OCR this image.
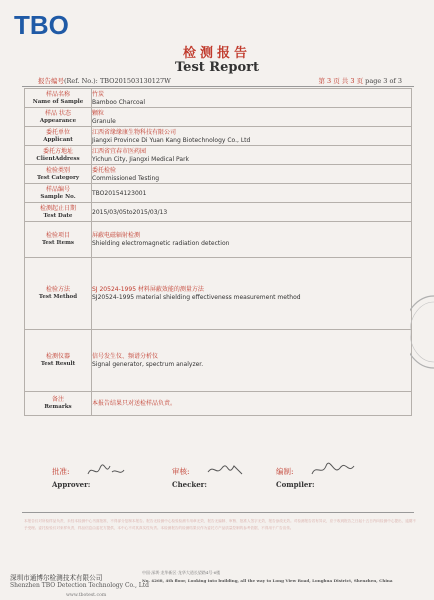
TBO
检测报告
Test Report
报告编号(Ref. No.): TBO201503130127W	第 3 页 共 3 页 page 3 of 3
样品名称
Name of Sample	竹炭
Bamboo Charcoal

样品 状态
Appearance	颗粒
Granule

委托单位
Applicant	江西省缘缘康生物科技有限公司
Jiangxi Province Di Yuan Kang Biotechnology Co., Ltd

委托方地址
ClientAddress	江西省宜春市医药园
Yichun City, Jiangxi Medical Park

检验类别
Test Category	委托检验
Commissioned Testing

样品编号
Sample No.	TBO20154123001

检测起止日期
Test Date	2015/03/05to2015/03/13

检验项目
Test Items	屏蔽电磁辐射检测
Shielding electromagnetic radiation detection

检验方法
Test Method	SJ 20524-1995 材料屏蔽效能的测量方法
SJ20524-1995 material shielding effectiveness measurement method

检测仪器
Test Result	信号发生仪、频谱分析仪
Signal generator, spectrum analyzer.

备注
Remarks	本报告结果只对送检样品负责。
批准:
Approver:
审核:
Checker:
编制:
Compiler:
本报告仅对所检样品负责，未经本检测中心书面批准，不得部分复制本报告。报告无检测中心检验检测专用章无效，报告无编制、审核、批准人签字无效，报告涂改无效。对检测报告若有异议，应于收到报告之日起十五日内向检测中心提出，逾期不予受理。委托检验仅对来样负责，样品信息由委托方提供，本中心不对其真实性负责。本检测报告的检测结果仅作为委托方产品质量控制的参考依据，不得用于广告宣传。
深圳市通博尔检测技术有限公司
Shenzhen TBO Detection Technology Co., Ltd
www.tbotest.com
中国·深圳·龙华新区·龙华大道长望路4号·6楼
No. 4268, 4th floor, Looking into building, all the way to Long View Road, Longhua District, Shenzhen, China
